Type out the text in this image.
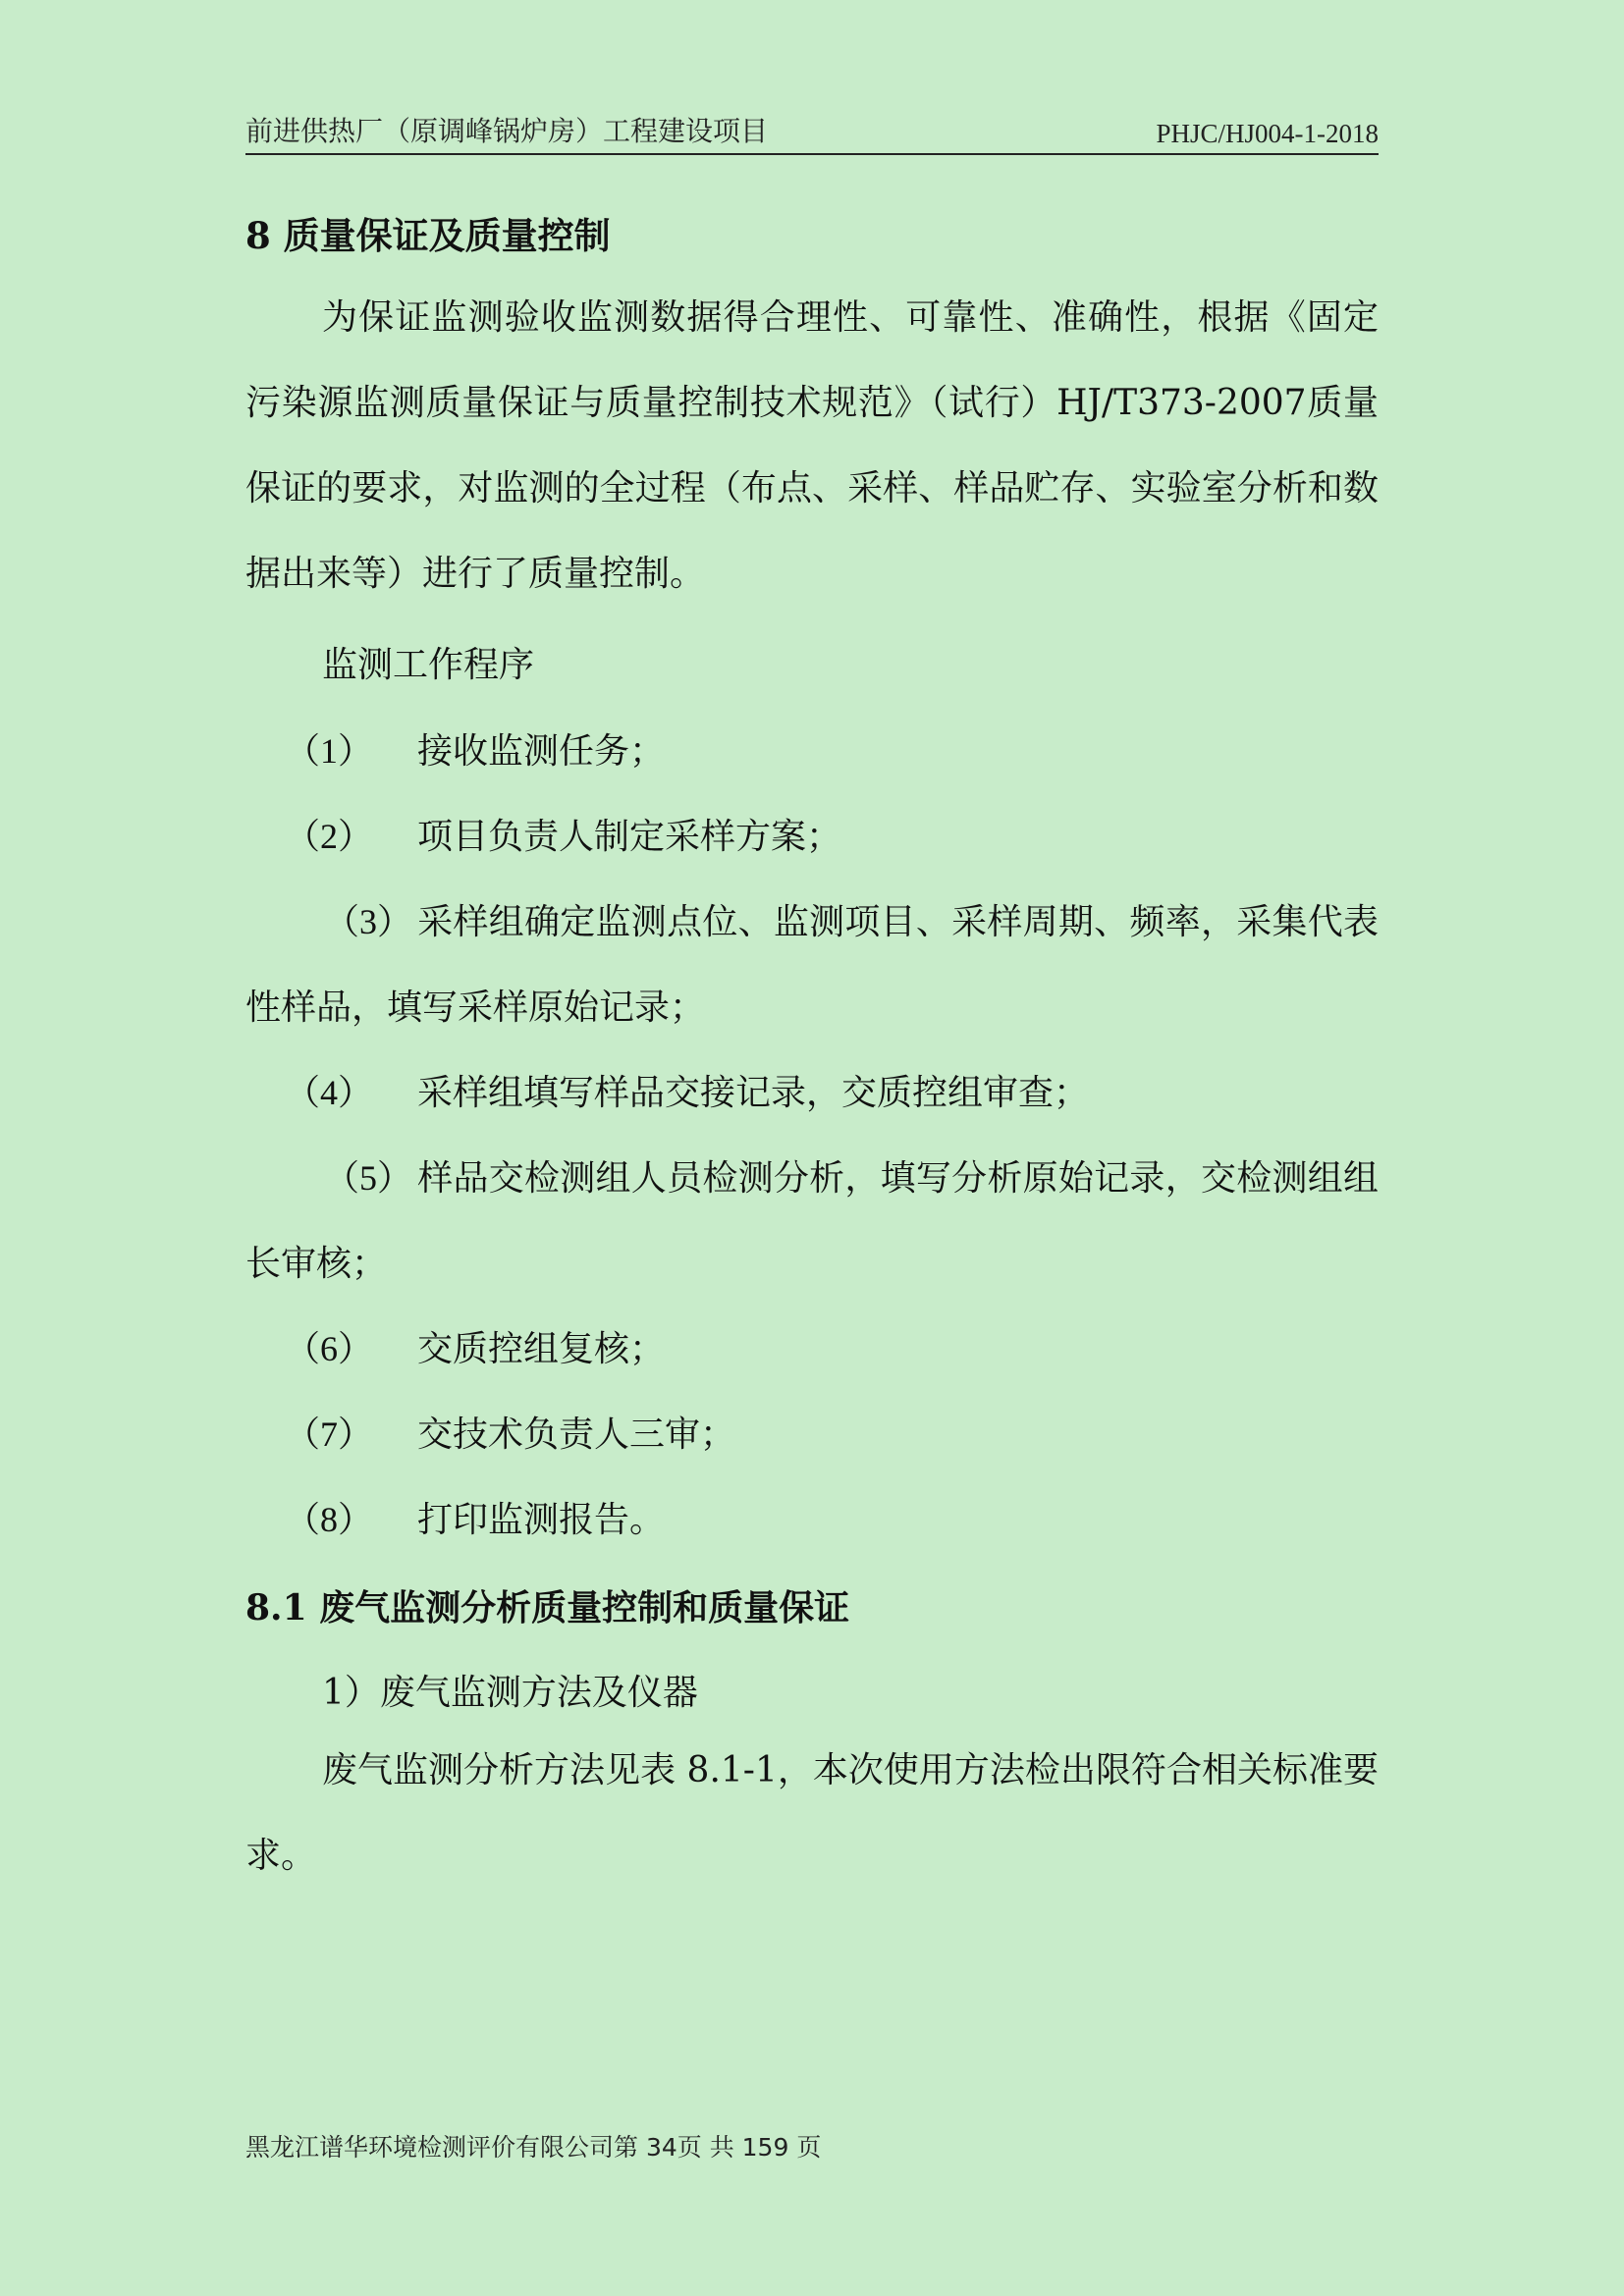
前进供热厂（原调峰锅炉房）工程建设项目	PHJC/HJ004-1-2018
8 质量保证及质量控制
为保证监测验收监测数据得合理性、可靠性、准确性，根据《固定污染源监测质量保证与质量控制技术规范》（试行）HJ/T373-2007质量保证的要求，对监测的全过程（布点、采样、样品贮存、实验室分析和数据出来等）进行了质量控制。
监测工作程序
（1） 接收监测任务；
（2） 项目负责人制定采样方案；
（3） 采样组确定监测点位、监测项目、采样周期、频率，采集代表性样品，填写采样原始记录；
（4） 采样组填写样品交接记录，交质控组审查；
（5） 样品交检测组人员检测分析，填写分析原始记录，交检测组组长审核；
（6） 交质控组复核；
（7） 交技术负责人三审；
（8） 打印监测报告。
8.1 废气监测分析质量控制和质量保证
1）废气监测方法及仪器
废气监测分析方法见表 8.1-1，本次使用方法检出限符合相关标准要求。
黑龙江谱华环境检测评价有限公司第 34页 共 159 页
